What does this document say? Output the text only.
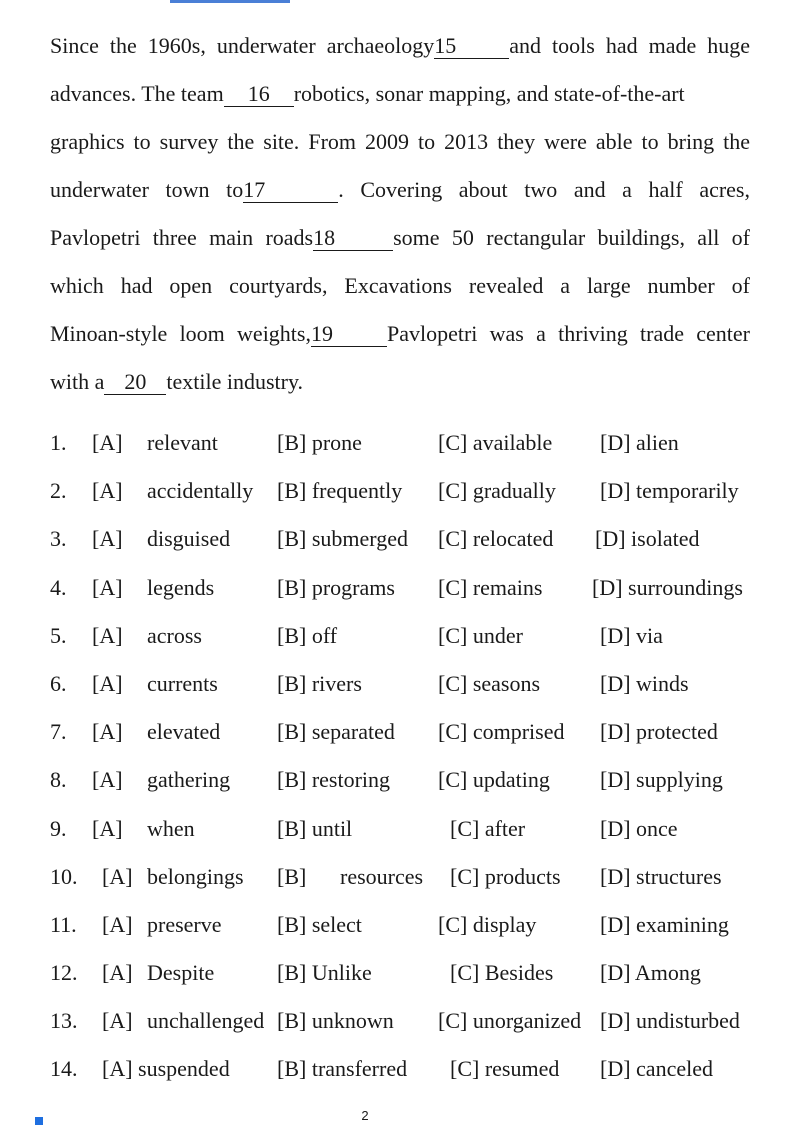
Since the 1960s, underwater archaeology15 and tools had made huge
advances. The team 16 robotics, sonar mapping, and state-of-the-art
graphics to survey the site. From 2009 to 2013 they were able to bring the
underwater town to17	. Covering about two and a half acres,
Pavlopetri three main roads18	some 50 rectangular buildings, all of
which had open courtyards, Excavations revealed a large number of
Minoan-style loom weights,19 Pavlopetri was a thriving trade center
with a 20 textile industry.
1. [A] relevant	[B] prone	[C] available [D] alien
2. [A] accidentally [B] frequently [C] gradually [D] temporarily
3. [A] disguised [B] submerged [C] relocated [D] isolated
4. [A] legends	[B] programs [C] remains [D] surroundings
5. [A] across	[B] off	[C] under	[D] via
6. [A] currents	[B] rivers	[C] seasons	[D] winds
7. [A] elevated	[B] separated [C] comprised [D] protected
8. [A] gathering [B] restoring [C] updating [D] supplying
9. [A] when	[B] until	[C] after	[D] once
10. [A] belongings [B] resources [C] products [D] structures
11. [A] preserve	[B] select	[C] display	[D] examining
12. [A] Despite	[B] Unlike	[C] Besides [D] Among
13. [A] unchallenged [B] unknown [C] unorganized [D] undisturbed
14. [A] suspended [B] transferred [C] resumed [D] canceled
2
